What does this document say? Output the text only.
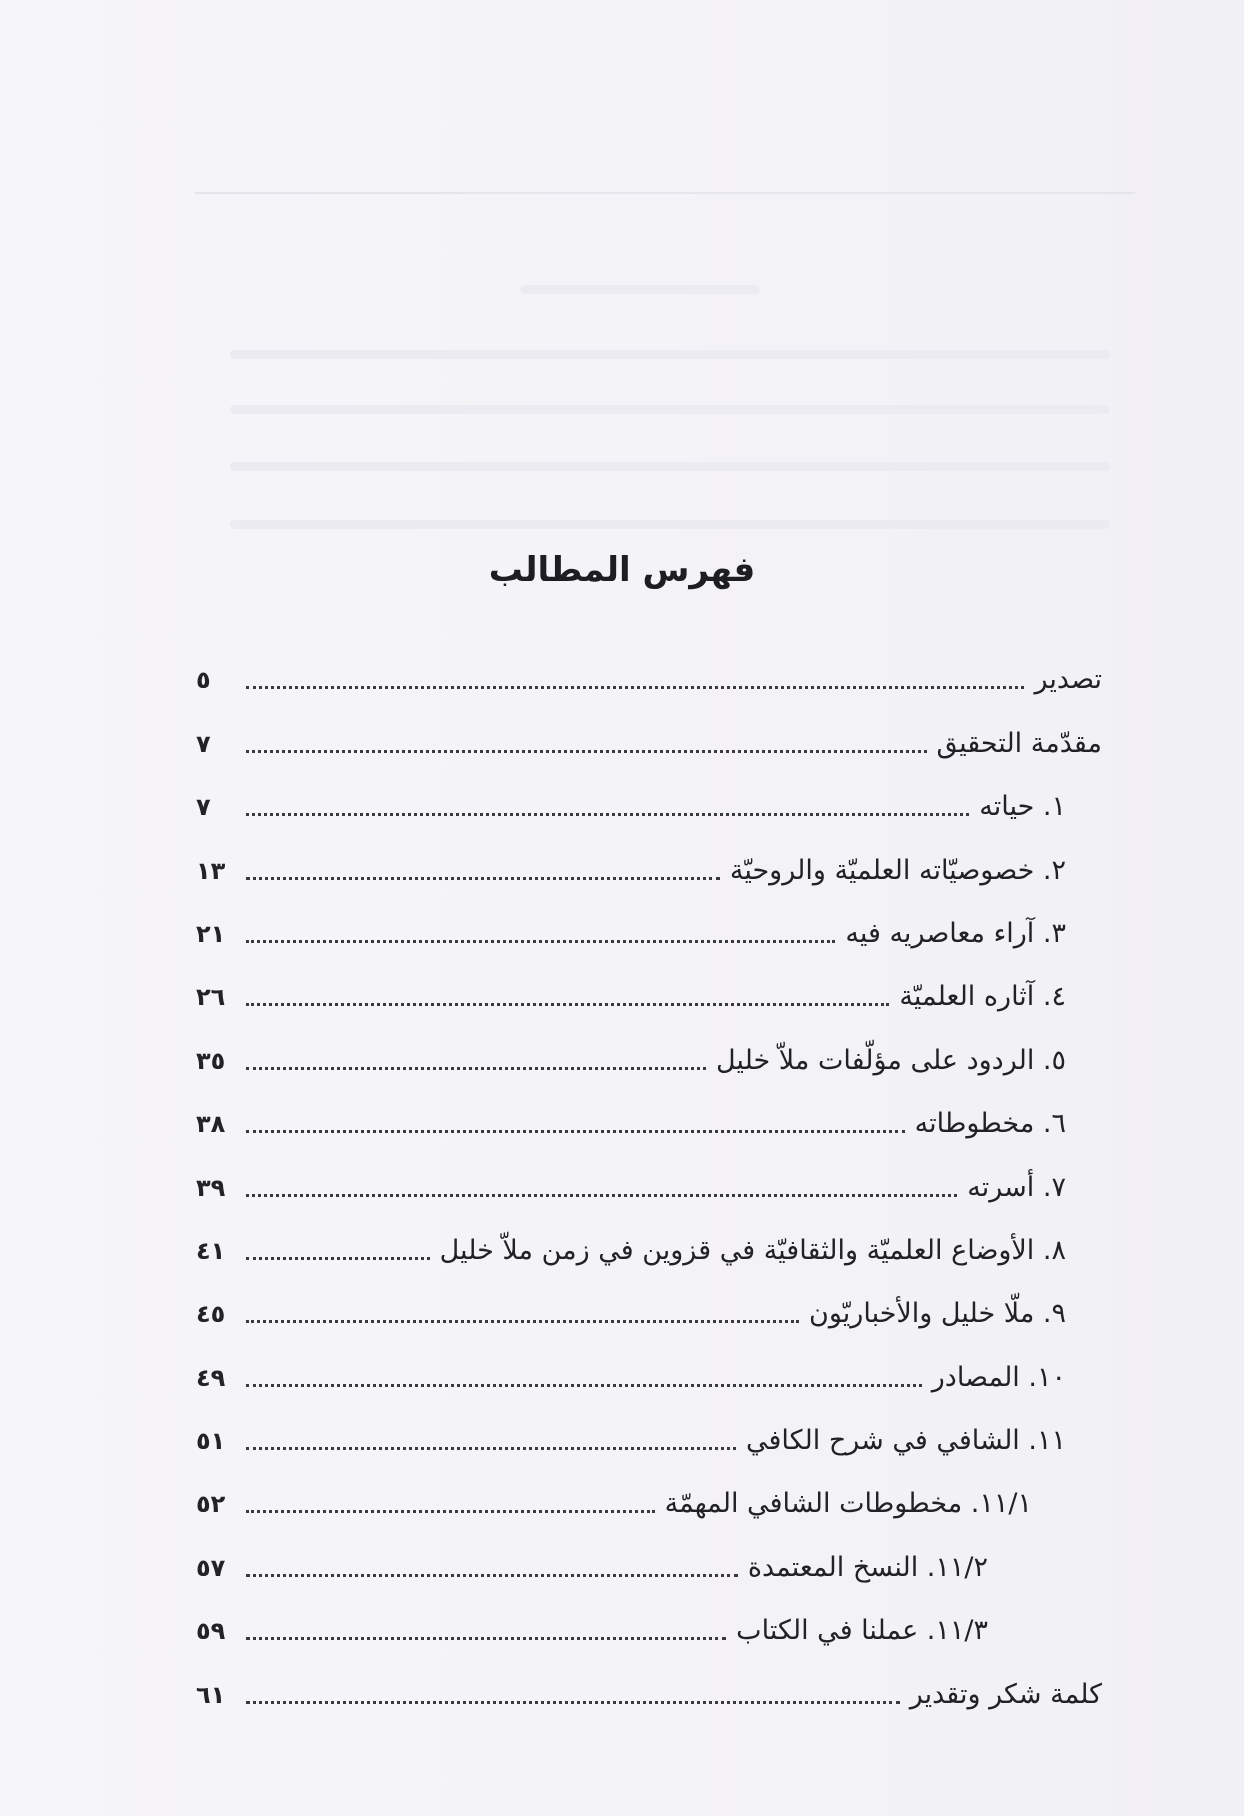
فهرس المطالب
تصدير
٥
مقدّمة التحقيق
٧
١. حياته
٧
٢. خصوصيّاته العلميّة والروحيّة
١٣
٣. آراء معاصريه فيه
٢١
٤. آثاره العلميّة
٢٦
٥. الردود على مؤلّفات ملاّ خليل
٣٥
٦. مخطوطاته
٣٨
٧. أسرته
٣٩
٨. الأوضاع العلميّة والثقافيّة في قزوين في زمن ملاّ خليل
٤١
٩. ملّا خليل والأخباريّون
٤٥
١٠. المصادر
٤٩
١١. الشافي في شرح الكافي
٥١
١١/١. مخطوطات الشافي المهمّة
٥٢
١١/٢. النسخ المعتمدة
٥٧
١١/٣. عملنا في الكتاب
٥٩
كلمة شكر وتقدير
٦١
